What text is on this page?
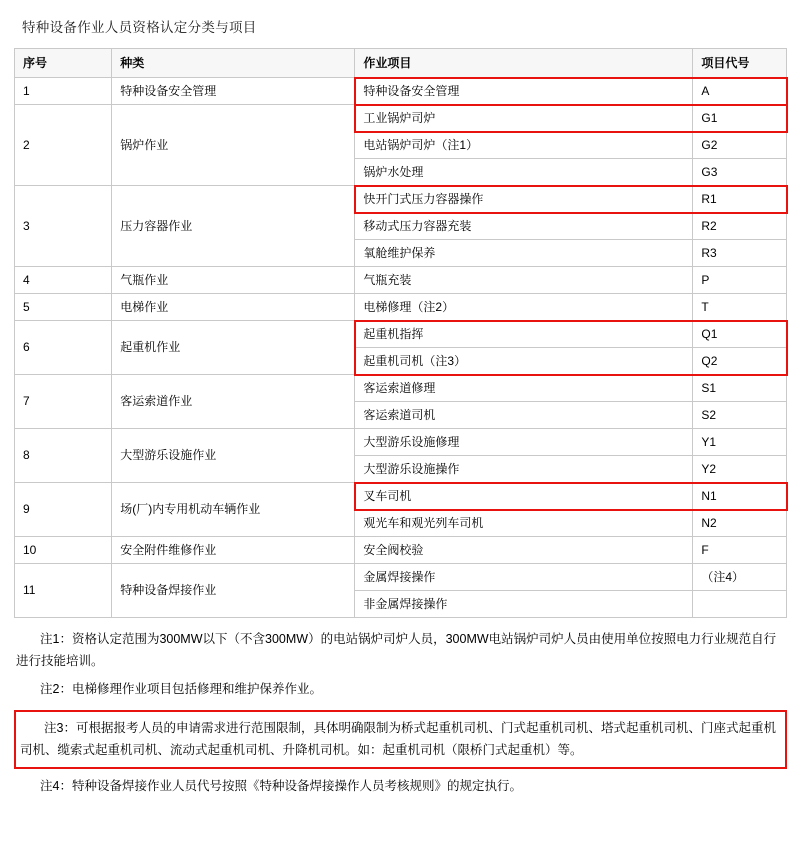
特种设备作业人员资格认定分类与项目
序号	种类	作业项目	项目代号

1	特种设备安全管理	特种设备安全管理	A

2	锅炉作业	工业锅炉司炉	G1

		电站锅炉司炉（注1）	G2

		锅炉水处理	G3

3	压力容器作业	快开门式压力容器操作	R1

		移动式压力容器充装	R2

		氧舱维护保养	R3

4	气瓶作业	气瓶充装	P

5	电梯作业	电梯修理（注2）	T

6	起重机作业	起重机指挥	Q1

		起重机司机（注3）	Q2

7	客运索道作业	客运索道修理	S1

		客运索道司机	S2

8	大型游乐设施作业	大型游乐设施修理	Y1

		大型游乐设施操作	Y2

9	场(厂)内专用机动车辆作业	叉车司机	N1

		观光车和观光列车司机	N2

10	安全附件维修作业	安全阀校验	F

11	特种设备焊接作业	金属焊接操作	（注4）

		非金属焊接操作	

注1：资格认定范围为300MW以下（不含300MW）的电站锅炉司炉人员，300MW电站锅炉司炉人员由使用单位按照电力行业规范自行进行技能培训。

注2：电梯修理作业项目包括修理和维护保养作业。

注3：可根据报考人员的申请需求进行范围限制，具体明确限制为桥式起重机司机、门式起重机司机、塔式起重机司机、门座式起重机司机、缆索式起重机司机、流动式起重机司机、升降机司机。如：起重机司机（限桥门式起重机）等。

注4：特种设备焊接作业人员代号按照《特种设备焊接操作人员考核规则》的规定执行。
